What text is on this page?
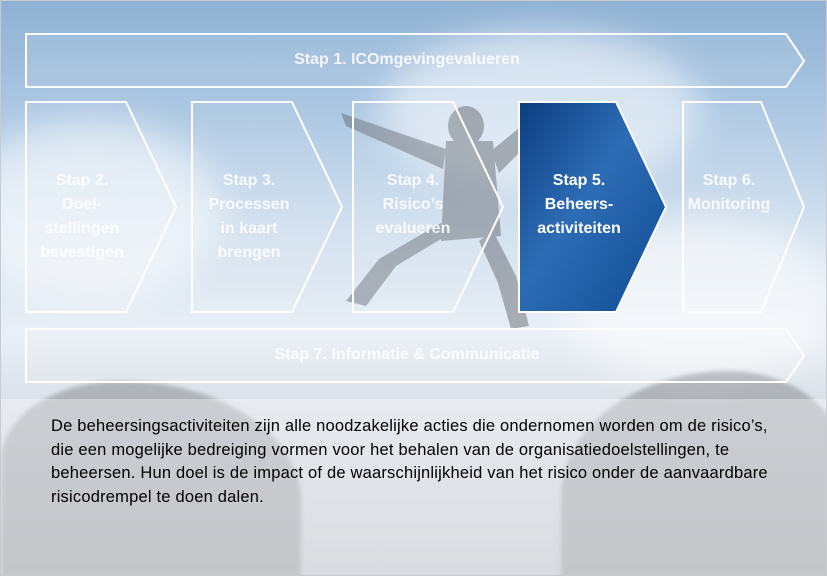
Stap 1. ICOmgevingevalueren
Stap 7. Informatie & Communicatie
Stap 2.
Doel-
stellingen
bevestigen
Stap 3.
Processen
in kaart
brengen
Stap 4.
Risico’s
evalueren
Stap 5.
Beheers-
activiteiten
Stap 6.
Monitoring
De beheersingsactiviteiten zijn alle noodzakelijke acties die ondernomen worden om de risico’s, die een mogelijke bedreiging vormen voor het behalen van de organisatiedoelstellingen, te beheersen. Hun doel is de impact of de waarschijnlijkheid van het risico onder de aanvaardbare risicodrempel te doen dalen.
